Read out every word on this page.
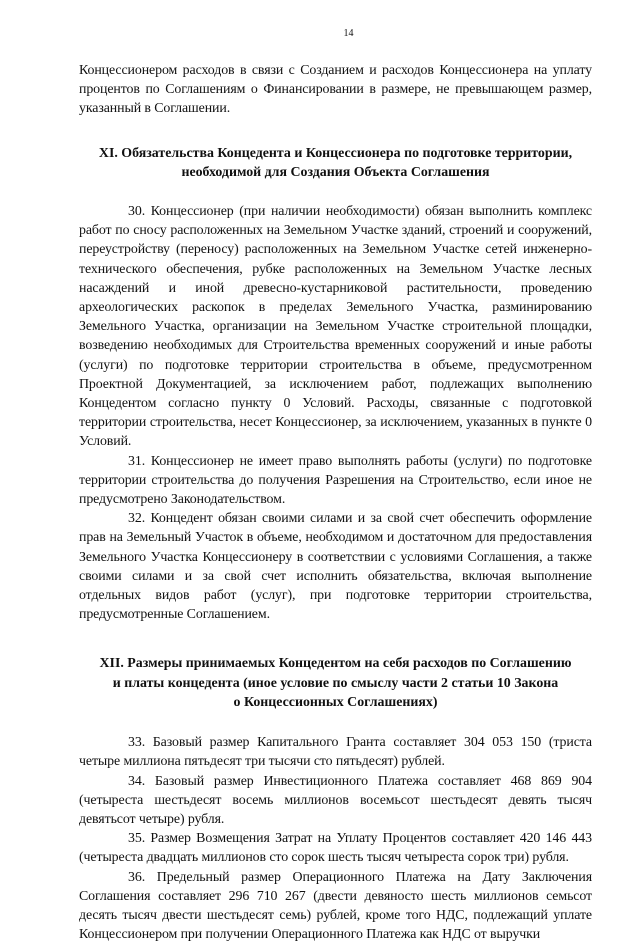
14

Концессионером расходов в связи с Созданием и расходов Концессионера на уплату процентов по Соглашениям о Финансировании в размере, не превышающем размер, указанный в Соглашении.

XI. Обязательства Концедента и Концессионера по подготовке территории,
необходимой для Создания Объекта Соглашения

30. Концессионер (при наличии необходимости) обязан выполнить комплекс работ по сносу расположенных на Земельном Участке зданий, строений и сооружений, переустройству (переносу) расположенных на Земельном Участке сетей инженерно-технического обеспечения, рубке расположенных на Земельном Участке лесных насаждений и иной древесно-кустарниковой растительности, проведению археологических раскопок в пределах Земельного Участка, разминированию Земельного Участка, организации на Земельном Участке строительной площадки, возведению необходимых для Строительства временных сооружений и иные работы (услуги) по подготовке территории строительства в объеме, предусмотренном Проектной Документацией, за исключением работ, подлежащих выполнению Концедентом согласно пункту 0 Условий. Расходы, связанные с подготовкой территории строительства, несет Концессионер, за исключением, указанных в пункте 0 Условий.

31. Концессионер не имеет право выполнять работы (услуги) по подготовке территории строительства до получения Разрешения на Строительство, если иное не предусмотрено Законодательством.

32. Концедент обязан своими силами и за свой счет обеспечить оформление прав на Земельный Участок в объеме, необходимом и достаточном для предоставления Земельного Участка Концессионеру в соответствии с условиями Соглашения, а также своими силами и за свой счет исполнить обязательства, включая выполнение отдельных видов работ (услуг), при подготовке территории строительства, предусмотренные Соглашением.

XII. Размеры принимаемых Концедентом на себя расходов по Соглашению
и платы концедента (иное условие по смыслу части 2 статьи 10 Закона
о Концессионных Соглашениях)

33. Базовый размер Капитального Гранта составляет 304 053 150 (триста четыре миллиона пятьдесят три тысячи сто пятьдесят) рублей.

34. Базовый размер Инвестиционного Платежа составляет 468 869 904 (четыреста шестьдесят восемь миллионов восемьсот шестьдесят девять тысяч девятьсот четыре) рубля.

35. Размер Возмещения Затрат на Уплату Процентов составляет 420 146 443 (четыреста двадцать миллионов сто сорок шесть тысяч четыреста сорок три) рубля.

36. Предельный размер Операционного Платежа на Дату Заключения Соглашения составляет 296 710 267 (двести девяносто шесть миллионов семьсот десять тысяч двести шестьдесят семь) рублей, кроме того НДС, подлежащий уплате Концессионером при получении Операционного Платежа как НДС от выручки
